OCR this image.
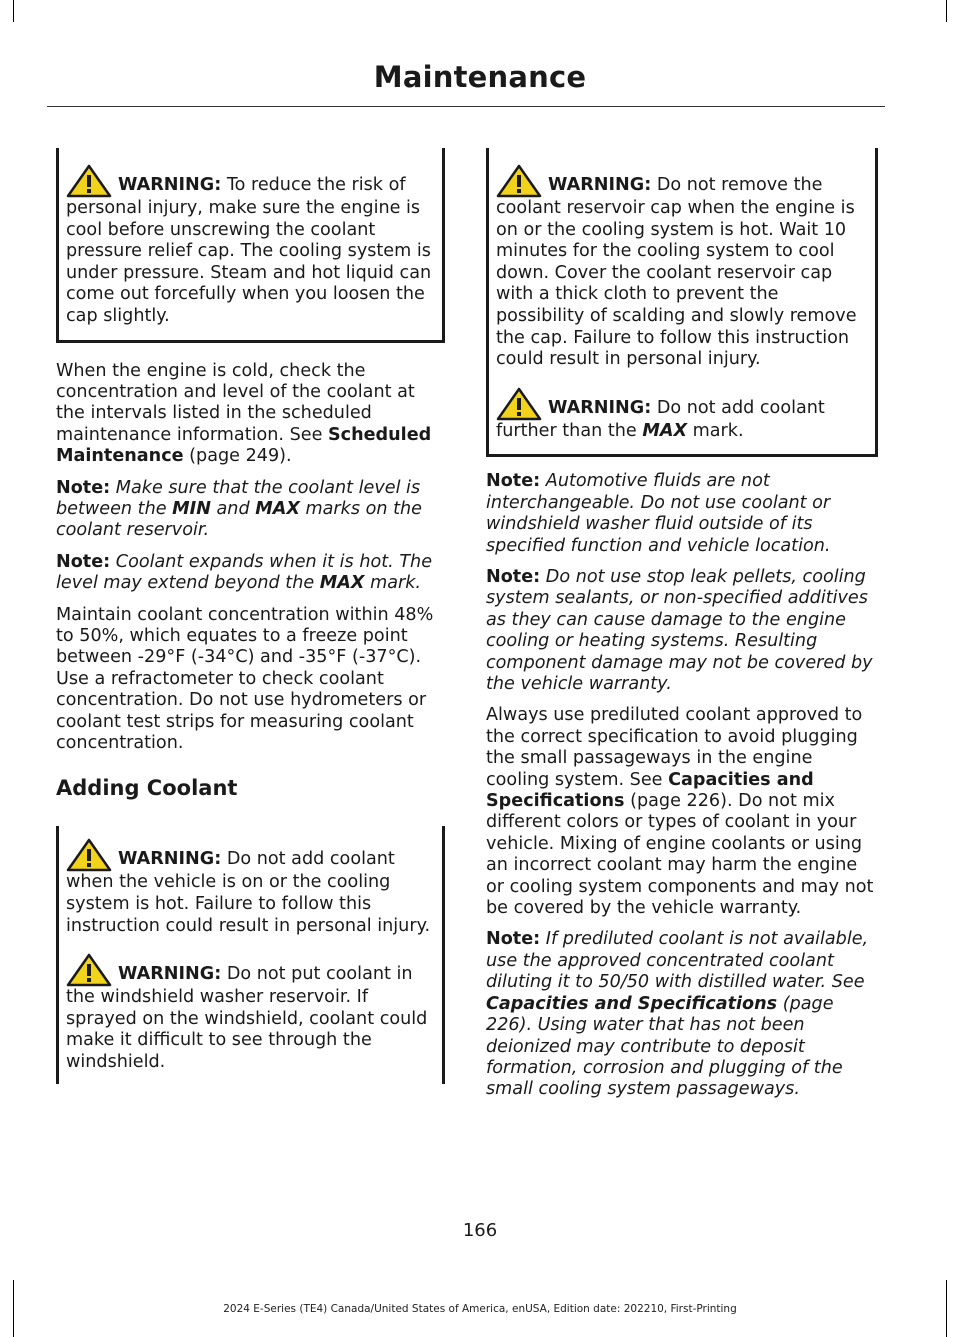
Maintenance

WARNING: To reduce the risk of personal injury, make sure the engine is cool before unscrewing the coolant pressure relief cap. The cooling system is under pressure. Steam and hot liquid can come out forcefully when you loosen the cap slightly.

When the engine is cold, check the concentration and level of the coolant at the intervals listed in the scheduled maintenance information. See Scheduled Maintenance (page 249).

Note: Make sure that the coolant level is between the MIN and MAX marks on the coolant reservoir.

Note: Coolant expands when it is hot. The level may extend beyond the MAX mark.

Maintain coolant concentration within 48% to 50%, which equates to a freeze point between -29°F (-34°C) and -35°F (-37°C). Use a refractometer to check coolant concentration. Do not use hydrometers or coolant test strips for measuring coolant concentration.

Adding Coolant

WARNING: Do not add coolant when the vehicle is on or the cooling system is hot. Failure to follow this instruction could result in personal injury.

WARNING: Do not put coolant in the windshield washer reservoir. If sprayed on the windshield, coolant could make it difficult to see through the windshield.

WARNING: Do not remove the coolant reservoir cap when the engine is on or the cooling system is hot. Wait 10 minutes for the cooling system to cool down. Cover the coolant reservoir cap with a thick cloth to prevent the possibility of scalding and slowly remove the cap. Failure to follow this instruction could result in personal injury.

WARNING: Do not add coolant further than the MAX mark.

Note: Automotive fluids are not interchangeable. Do not use coolant or windshield washer fluid outside of its specified function and vehicle location.

Note: Do not use stop leak pellets, cooling system sealants, or non-specified additives as they can cause damage to the engine cooling or heating systems. Resulting component damage may not be covered by the vehicle warranty.

Always use prediluted coolant approved to the correct specification to avoid plugging the small passageways in the engine cooling system. See Capacities and Specifications (page 226). Do not mix different colors or types of coolant in your vehicle. Mixing of engine coolants or using an incorrect coolant may harm the engine or cooling system components and may not be covered by the vehicle warranty.

Note: If prediluted coolant is not available, use the approved concentrated coolant diluting it to 50/50 with distilled water. See Capacities and Specifications (page 226). Using water that has not been deionized may contribute to deposit formation, corrosion and plugging of the small cooling system passageways.

166
2024 E-Series (TE4) Canada/United States of America, enUSA, Edition date: 202210, First-Printing
